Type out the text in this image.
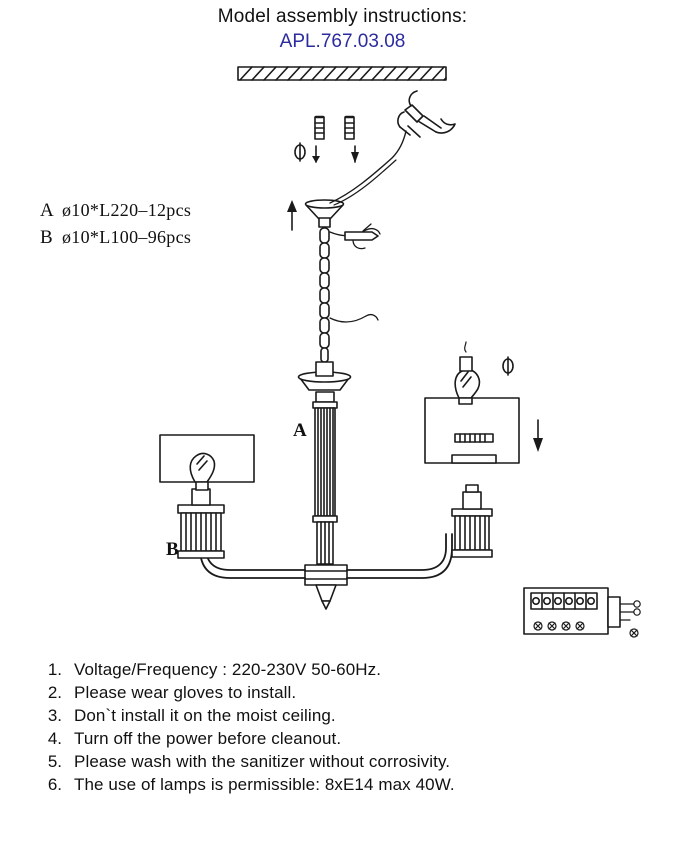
Model assembly instructions:
APL.767.03.08
A ø10*L220‒12pcs
B ø10*L100‒96pcs
A
B
1. Voltage/Frequency : 220-230V 50-60Hz.
2. Please wear gloves to install.
3. Don`t install it on the moist ceiling.
4. Turn off the power before cleanout.
5. Please wash with the sanitizer without corrosivity.
6. The use of lamps is permissible: 8xE14 max 40W.
